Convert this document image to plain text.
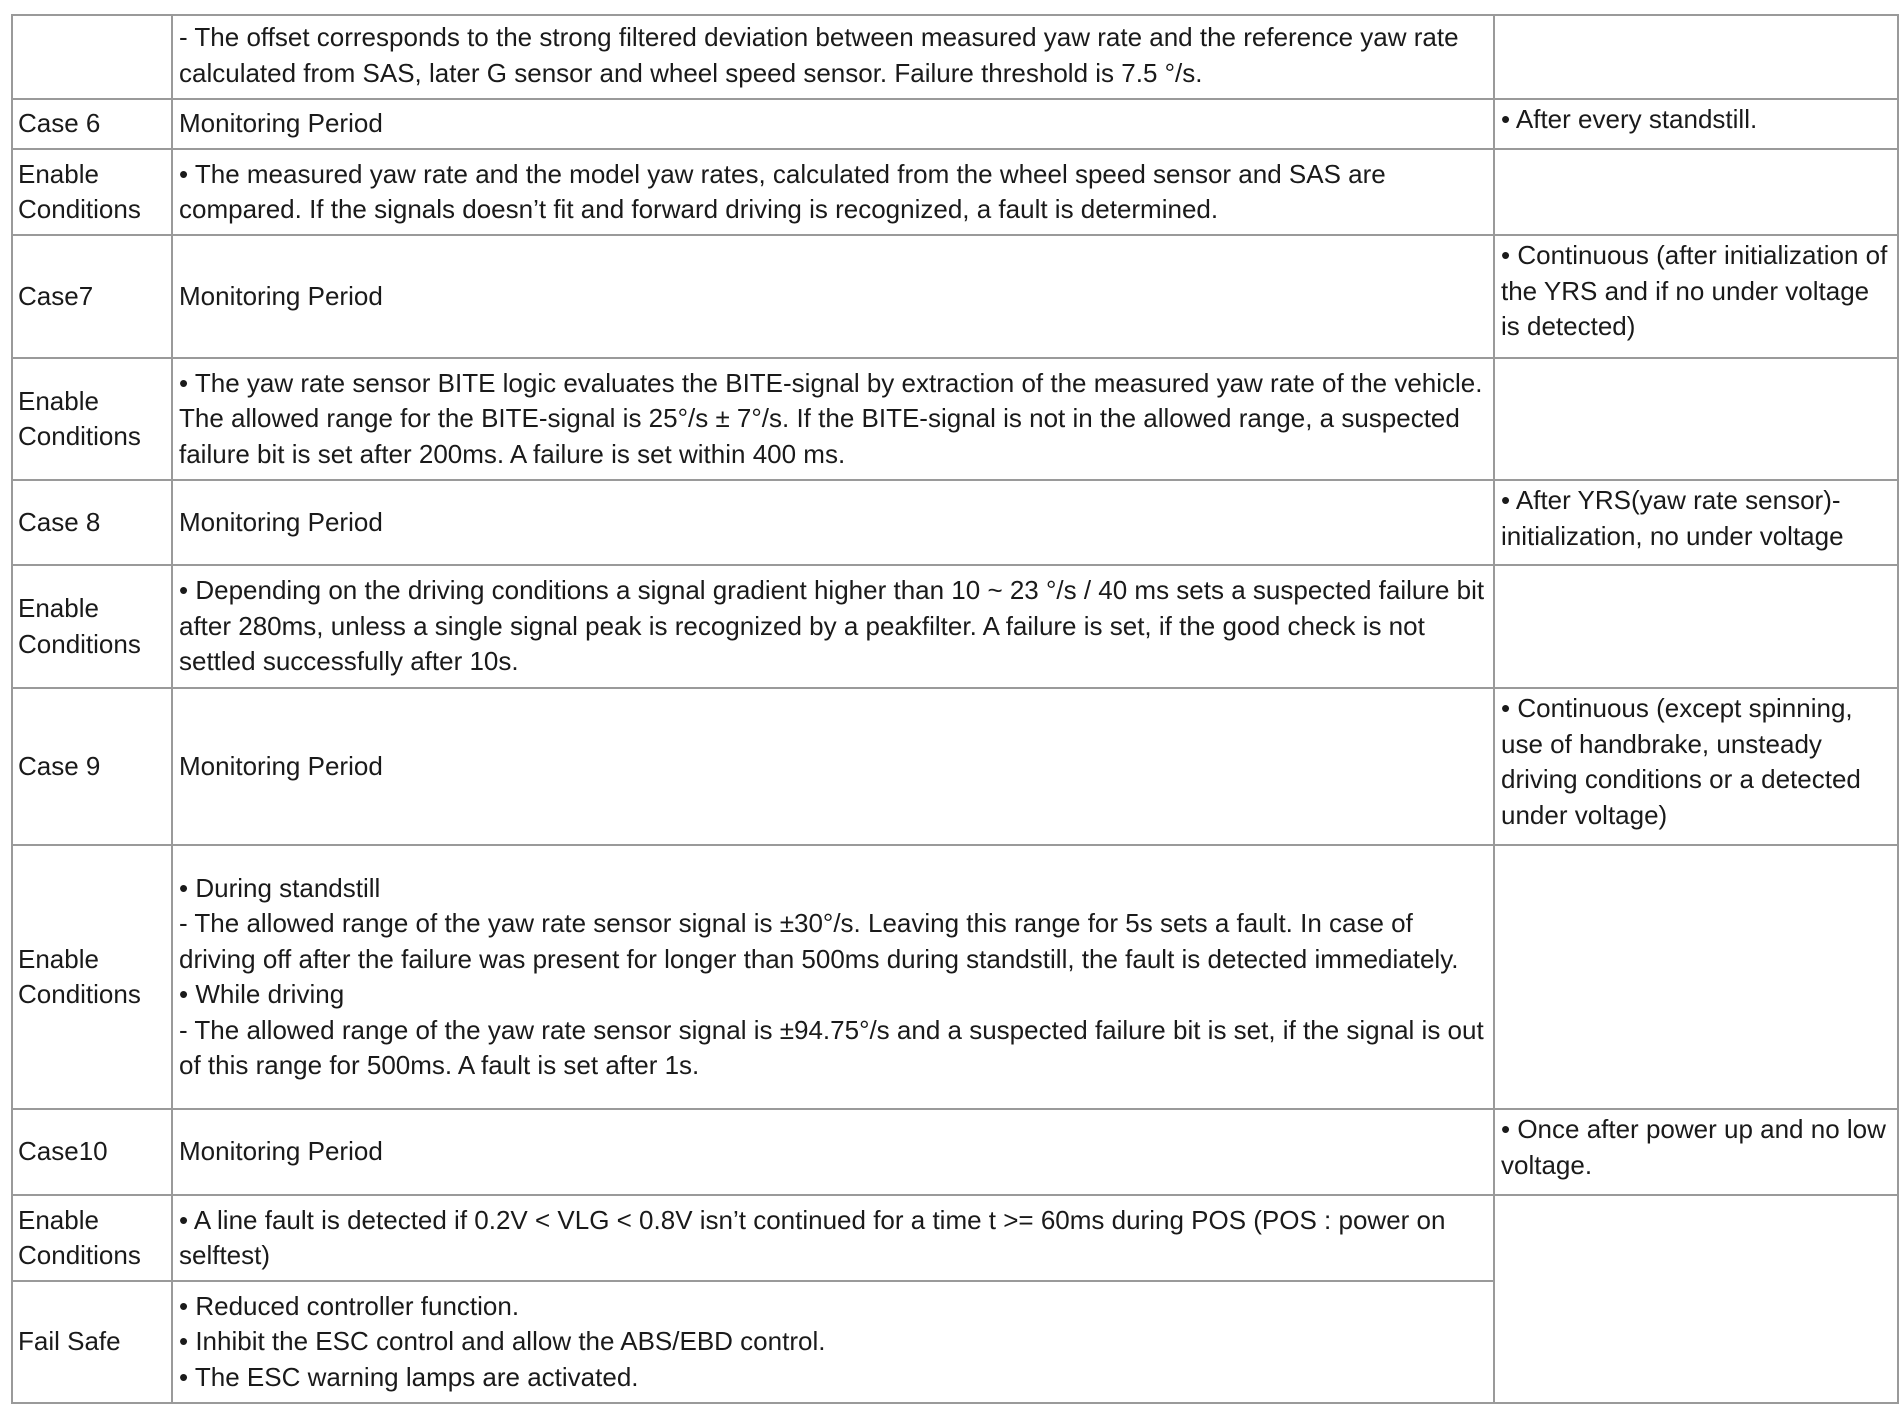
	- The offset corresponds to the strong filtered deviation between measured yaw rate and the reference yaw rate calculated from SAS, later G sensor and wheel speed sensor. Failure threshold is 7.5 °/s.	

Case 6	Monitoring Period	• After every standstill.
Enable Conditions	• The measured yaw rate and the model yaw rates, calculated from the wheel speed sensor and SAS are compared. If the signals doesn’t fit and forward driving is recognized, a fault is determined.	
Case7	Monitoring Period	• Continuous (after initialization of the YRS and if no under voltage is detected)
Enable Conditions	• The yaw rate sensor BITE logic evaluates the BITE-signal by extraction of the measured yaw rate of the vehicle. The allowed range for the BITE-signal is 25°/s ± 7°/s. If the BITE-signal is not in the allowed range, a suspected failure bit is set after 200ms. A failure is set within 400 ms.	
Case 8	Monitoring Period	• After YRS(yaw rate sensor)-initialization, no under voltage
Enable Conditions	• Depending on the driving conditions a signal gradient higher than 10 ~ 23 °/s / 40 ms sets a suspected failure bit after 280ms, unless a single signal peak is recognized by a peakfilter. A failure is set, if the good check is not settled successfully after 10s.	
Case 9	Monitoring Period	• Continuous (except spinning, use of handbrake, unsteady driving conditions or a detected under voltage)
Enable Conditions	• During standstill
- The allowed range of the yaw rate sensor signal is ±30°/s. Leaving this range for 5s sets a fault. In case of driving off after the failure was present for longer than 500ms during standstill, the fault is detected immediately.
• While driving
- The allowed range of the yaw rate sensor signal is ±94.75°/s and a suspected failure bit is set, if the signal is out of this range for 500ms. A fault is set after 1s.	

Case10	Monitoring Period	• Once after power up and no low voltage.
Enable Conditions	• A line fault is detected if 0.2V < VLG < 0.8V isn’t continued for a time t >= 60ms during POS (POS : power on selftest)	
Fail Safe	• Reduced controller function.
• Inhibit the ESC control and allow the ABS/EBD control.
• The ESC warning lamps are activated.	
